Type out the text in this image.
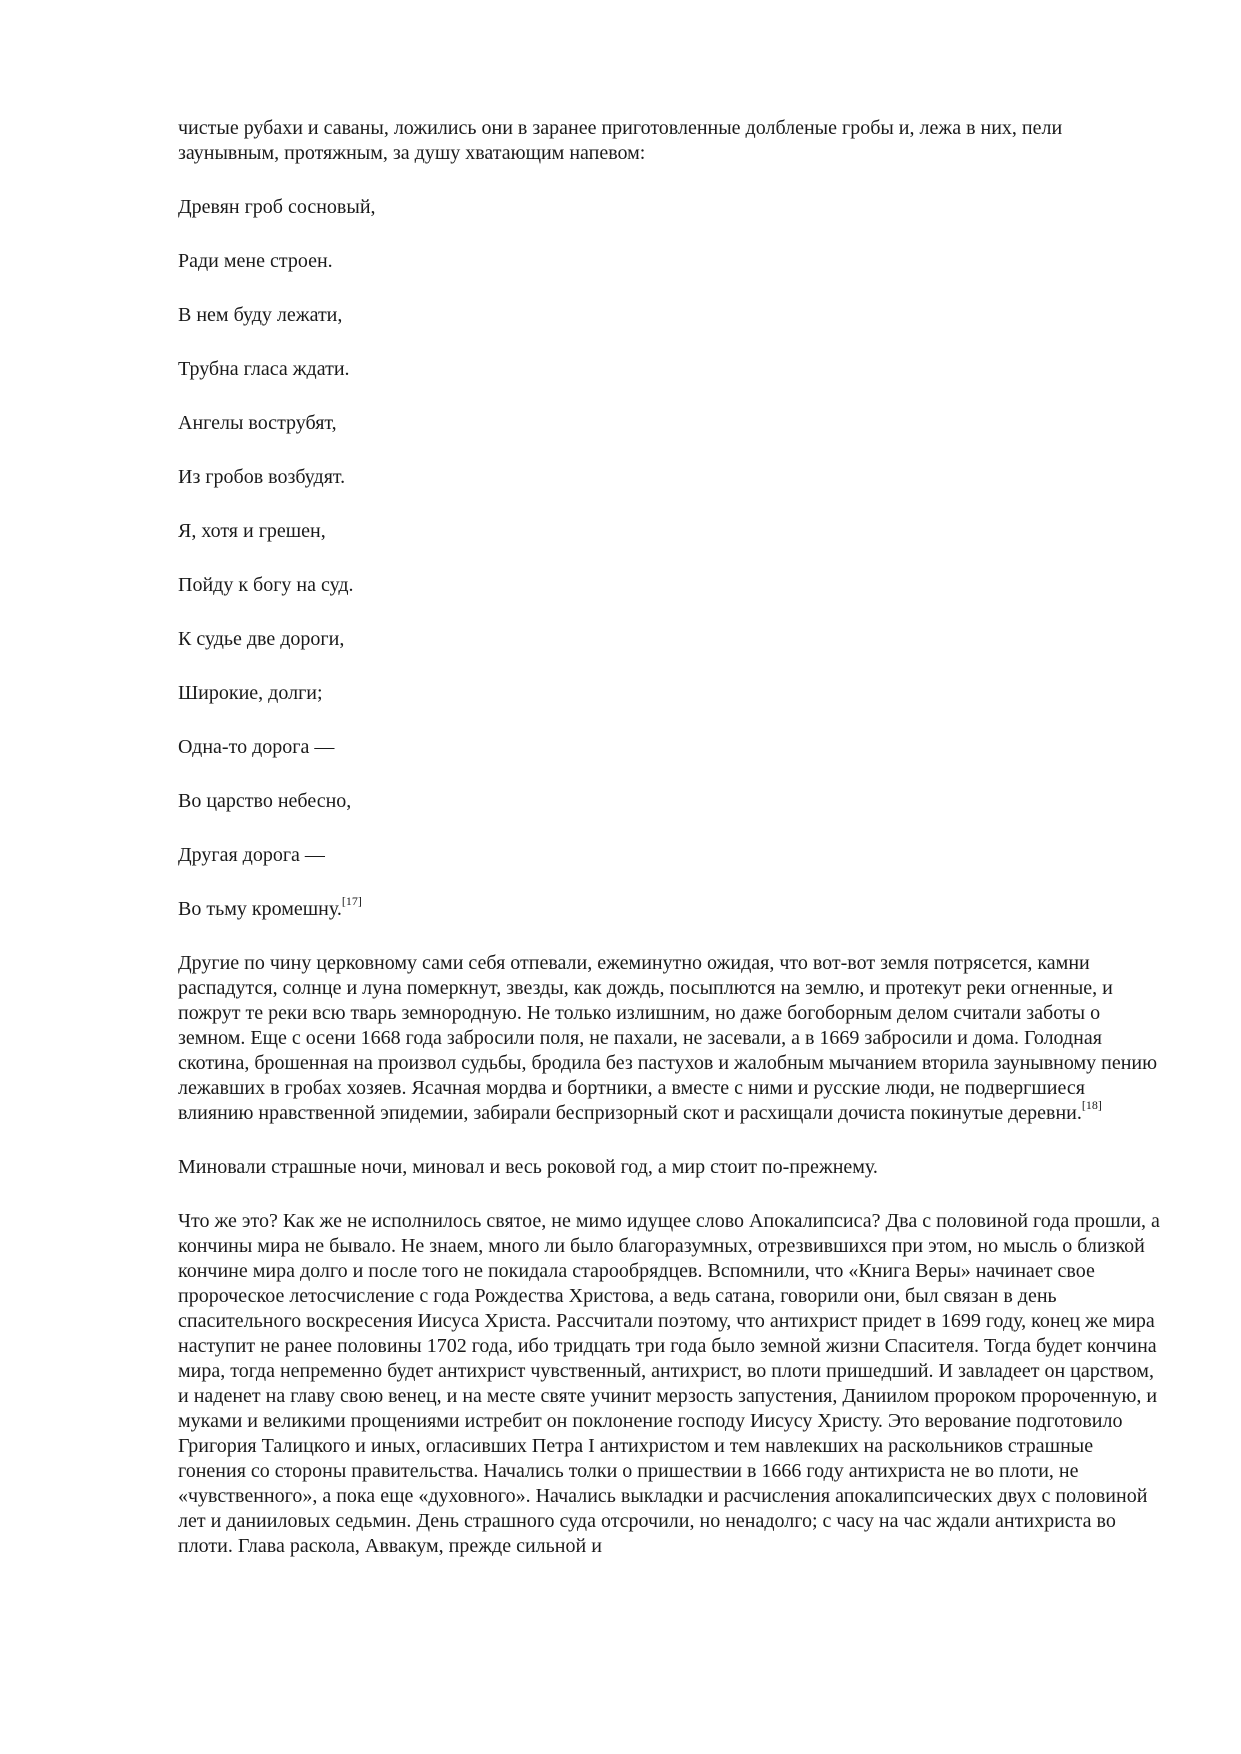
чистые рубахи и саваны, ложились они в заранее приготовленные долбленые гробы и, лежа в них, пели заунывным, протяжным, за душу хватающим напевом:

Древян гроб сосновый,
Ради мене строен.
В нем буду лежати,
Трубна гласа ждати.
Ангелы вострубят,
Из гробов возбудят.
Я, хотя и грешен,
Пойду к богу на суд.
К судье две дороги,
Широкие, долги;
Одна-то дорога —
Во царство небесно,
Другая дорога —
Во тьму кромешну.[17]

Другие по чину церковному сами себя отпевали, ежеминутно ожидая, что вот-вот земля потрясется, камни распадутся, солнце и луна померкнут, звезды, как дождь, посыплются на землю, и протекут реки огненные, и пожрут те реки всю тварь земнородную. Не только излишним, но даже богоборным делом считали заботы о земном. Еще с осени 1668 года забросили поля, не пахали, не засевали, а в 1669 забросили и дома. Голодная скотина, брошенная на произвол судьбы, бродила без пастухов и жалобным мычанием вторила заунывному пению лежавших в гробах хозяев. Ясачная мордва и бортники, а вместе с ними и русские люди, не подвергшиеся влиянию нравственной эпидемии, забирали беспризорный скот и расхищали дочиста покинутые деревни.[18]

Миновали страшные ночи, миновал и весь роковой год, а мир стоит по-прежнему.

Что же это? Как же не исполнилось святое, не мимо идущее слово Апокалипсиса? Два с половиной года прошли, а кончины мира не бывало. Не знаем, много ли было благоразумных, отрезвившихся при этом, но мысль о близкой кончине мира долго и после того не покидала старообрядцев. Вспомнили, что «Книга Веры» начинает свое пророческое летосчисление с года Рождества Христова, а ведь сатана, говорили они, был связан в день спасительного воскресения Иисуса Христа. Рассчитали поэтому, что антихрист придет в 1699 году, конец же мира наступит не ранее половины 1702 года, ибо тридцать три года было земной жизни Спасителя. Тогда будет кончина мира, тогда непременно будет антихрист чувственный, антихрист, во плоти пришедший. И завладеет он царством, и наденет на главу свою венец, и на месте святе учинит мерзость запустения, Даниилом пророком пророченную, и муками и великими прощениями истребит он поклонение господу Иисусу Христу. Это верование подготовило Григория Талицкого и иных, огласивших Петра I антихристом и тем навлекших на раскольников страшные гонения со стороны правительства. Начались толки о пришествии в 1666 году антихриста не во плоти, не «чувственного», а пока еще «духовного». Начались выкладки и расчисления апокалипсических двух с половиной лет и данииловых седьмин. День страшного суда отсрочили, но ненадолго; с часу на час ждали антихриста во плоти. Глава раскола, Аввакум, прежде сильной и
